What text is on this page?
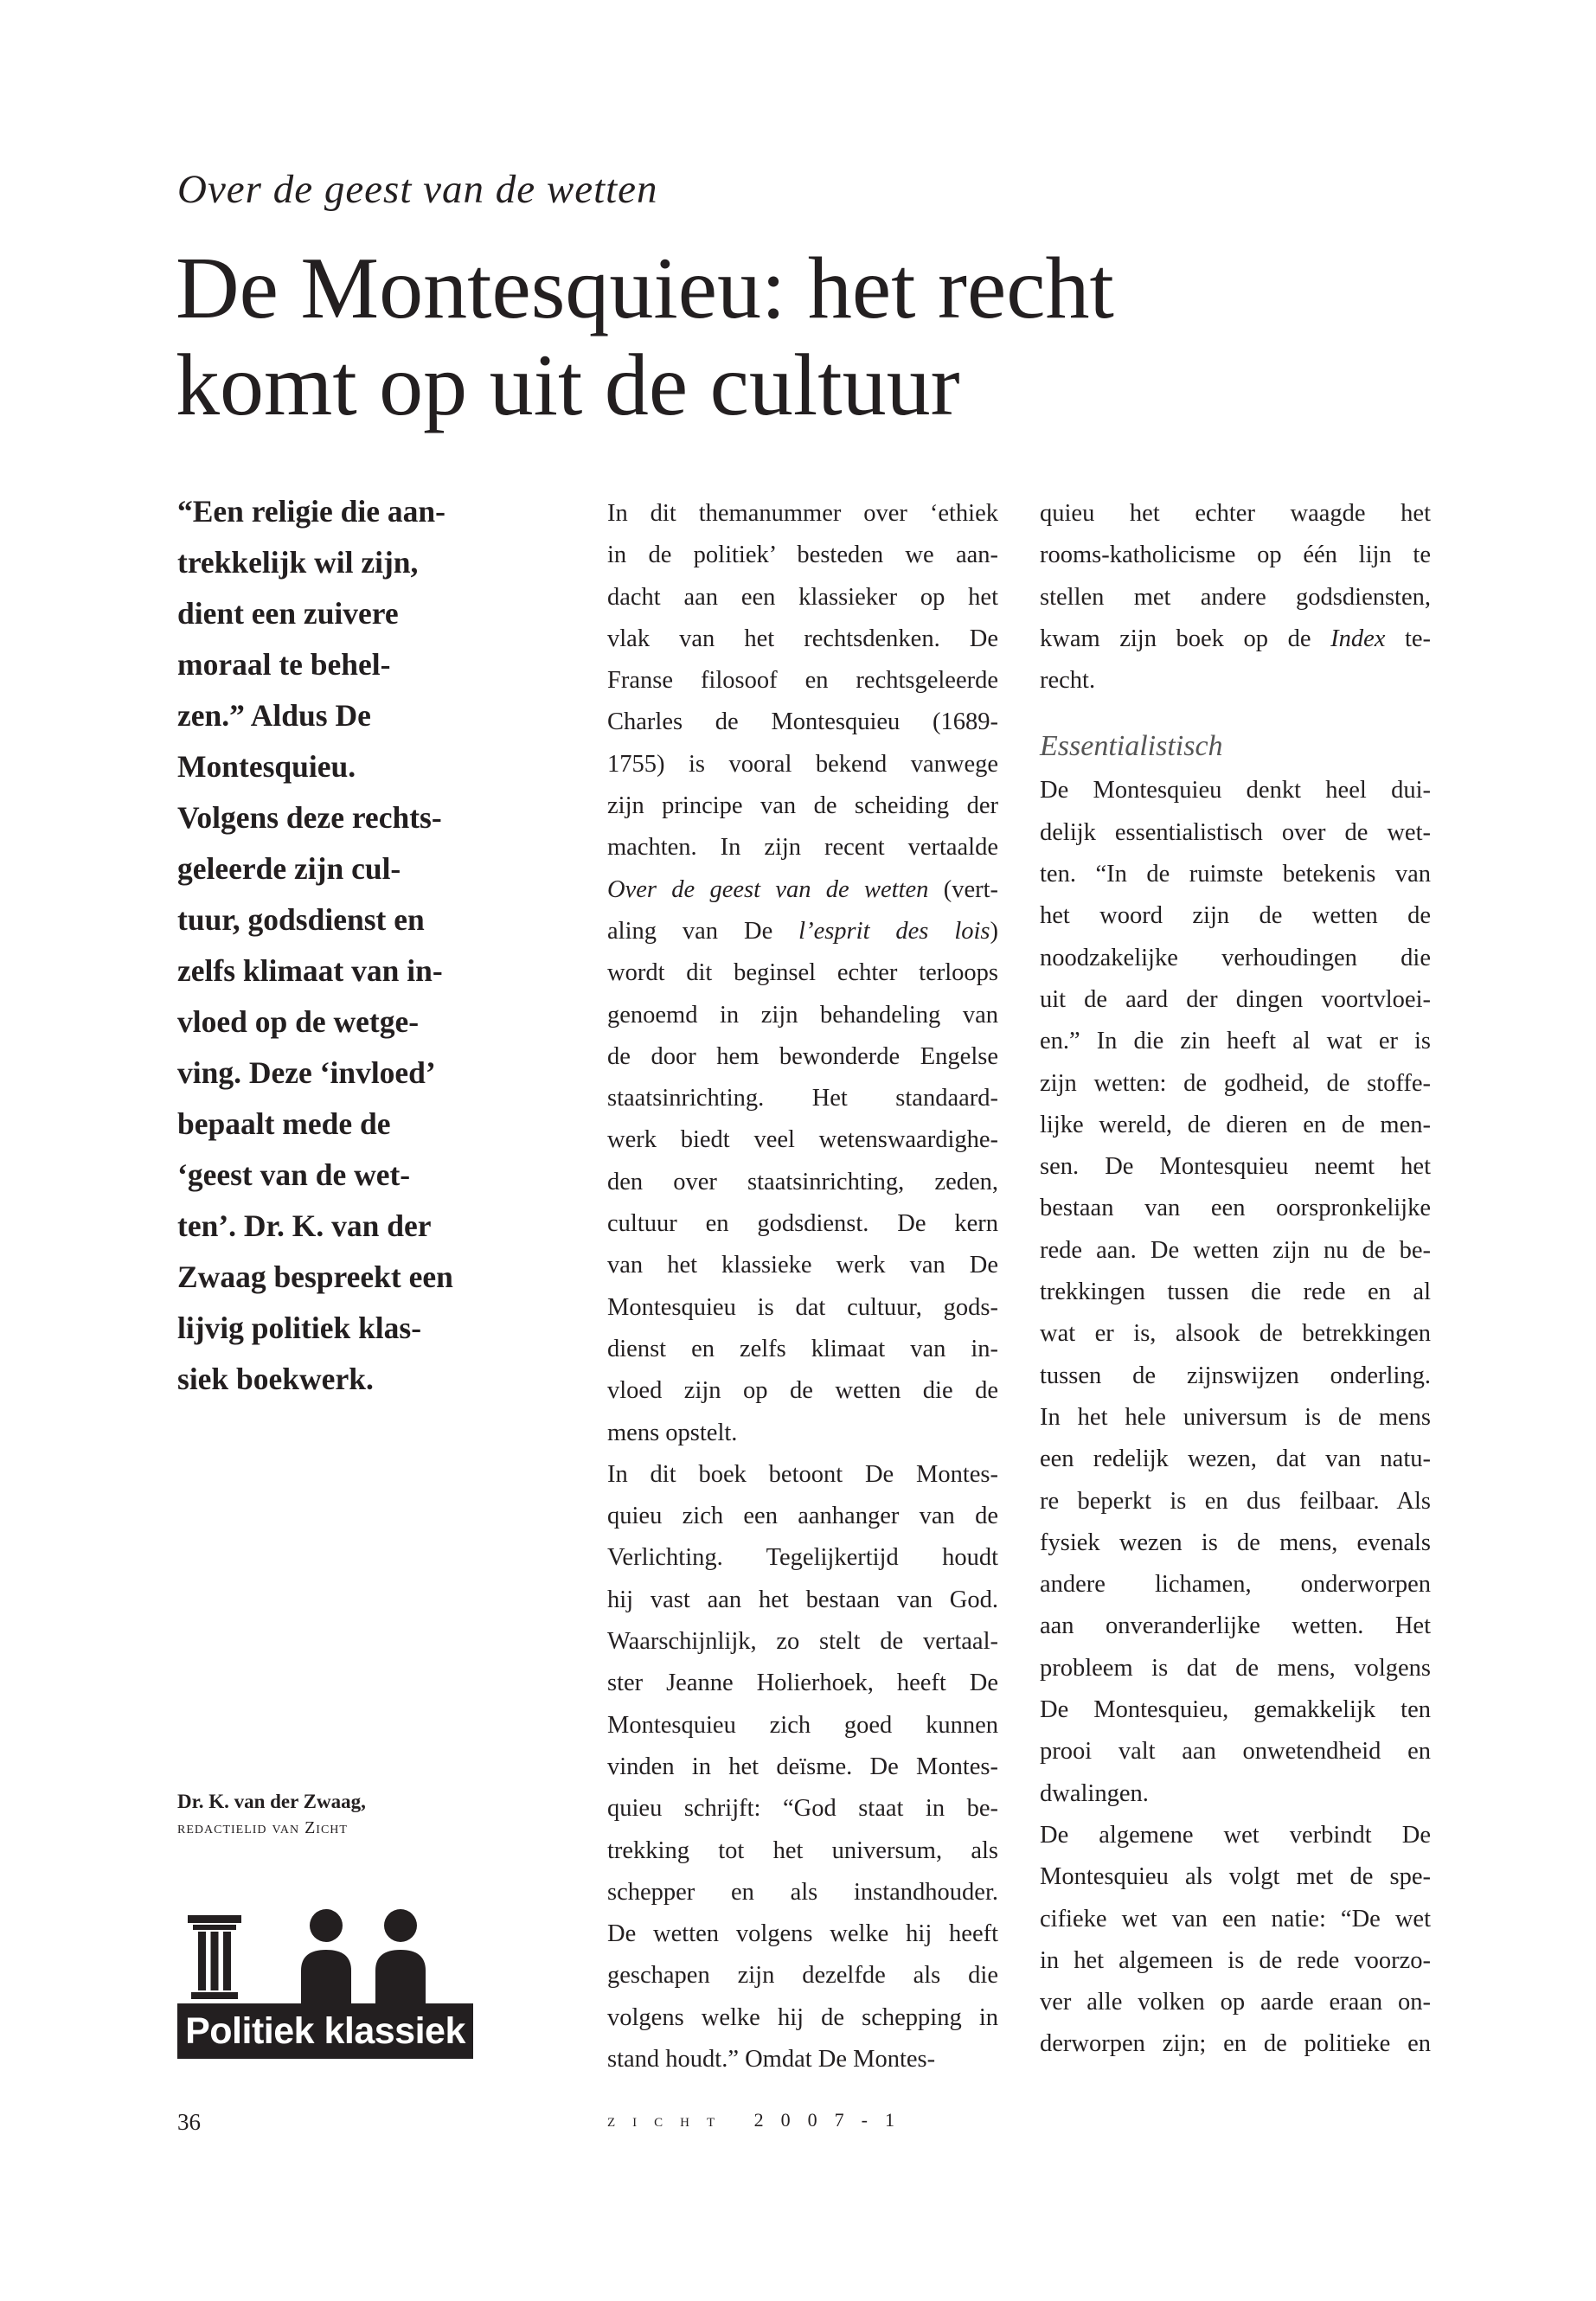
Over de geest van de wetten
De Montesquieu: het recht
komt op uit de cultuur
“Een religie die aan-
trekkelijk wil zijn,
dient een zuivere
moraal te behel-
zen.” Aldus De
Montesquieu.
Volgens deze rechts-
geleerde zijn cul-
tuur, godsdienst en
zelfs klimaat van in-
vloed op de wetge-
ving. Deze ‘invloed’
bepaalt mede de
‘geest van de wet-
ten’. Dr. K. van der
Zwaag bespreekt een
lijvig politiek klas-
siek boekwerk.
In dit themanummer over ‘ethiek
in de politiek’ besteden we aan-
dacht aan een klassieker op het
vlak van het rechtsdenken. De
Franse filosoof en rechtsgeleerde
Charles de Montesquieu (1689-
1755) is vooral bekend vanwege
zijn principe van de scheiding der
machten. In zijn recent vertaalde
Over de geest van de wetten (vert-
aling van De l’esprit des lois)
wordt dit beginsel echter terloops
genoemd in zijn behandeling van
de door hem bewonderde Engelse
staatsinrichting. Het standaard-
werk biedt veel wetenswaardighe-
den over staatsinrichting, zeden,
cultuur en godsdienst. De kern
van het klassieke werk van De
Montesquieu is dat cultuur, gods-
dienst en zelfs klimaat van in-
vloed zijn op de wetten die de
mens opstelt.
In dit boek betoont De Montes-
quieu zich een aanhanger van de
Verlichting. Tegelijkertijd houdt
hij vast aan het bestaan van God.
Waarschijnlijk, zo stelt de vertaal-
ster Jeanne Holierhoek, heeft De
Montesquieu zich goed kunnen
vinden in het deïsme. De Montes-
quieu schrijft: “God staat in be-
trekking tot het universum, als
schepper en als instandhouder.
De wetten volgens welke hij heeft
geschapen zijn dezelfde als die
volgens welke hij de schepping in
stand houdt.” Omdat De Montes-
quieu het echter waagde het
rooms-katholicisme op één lijn te
stellen met andere godsdiensten,
kwam zijn boek op de Index te-
recht.
Essentialistisch
De Montesquieu denkt heel dui-
delijk essentialistisch over de wet-
ten. “In de ruimste betekenis van
het woord zijn de wetten de
noodzakelijke verhoudingen die
uit de aard der dingen voortvloei-
en.” In die zin heeft al wat er is
zijn wetten: de godheid, de stoffe-
lijke wereld, de dieren en de men-
sen. De Montesquieu neemt het
bestaan van een oorspronkelijke
rede aan. De wetten zijn nu de be-
trekkingen tussen die rede en al
wat er is, alsook de betrekkingen
tussen de zijnswijzen onderling.
In het hele universum is de mens
een redelijk wezen, dat van natu-
re beperkt is en dus feilbaar. Als
fysiek wezen is de mens, evenals
andere lichamen, onderworpen
aan onveranderlijke wetten. Het
probleem is dat de mens, volgens
De Montesquieu, gemakkelijk ten
prooi valt aan onwetendheid en
dwalingen.
De algemene wet verbindt De
Montesquieu als volgt met de spe-
cifieke wet van een natie: “De wet
in het algemeen is de rede voorzo-
ver alle volken op aarde eraan on-
derworpen zijn; en de politieke en
Dr. K. van der Zwaag,
redactielid van Zicht
Politiek klassiek
36	zicht 2007-1
